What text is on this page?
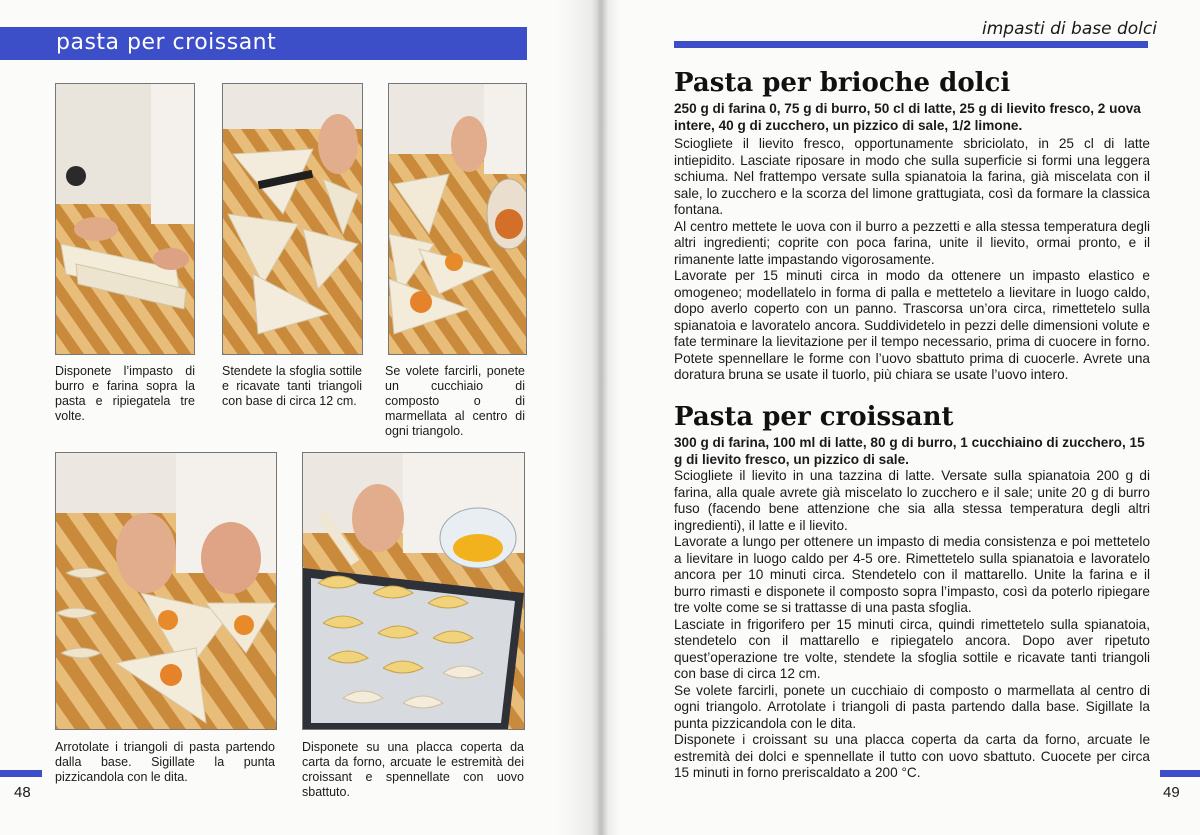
pasta per croissant
Disponete l’impasto di burro e farina sopra la pasta e ripiegatela tre volte.
Stendete la sfoglia sottile e ricavate tanti triangoli con base di circa 12 cm.
Se volete farcirli, ponete un cucchiaio di composto o di marmellata al centro di ogni triangolo.
Arrotolate i triangoli di pasta partendo dalla base. Sigillate la punta pizzicandola con le dita.
Disponete su una placca coperta da carta da forno, arcuate le estremità dei croissant e spennellate con uovo sbattuto.
48
impasti di base dolci
Pasta per brioche dolci
250 g di farina 0, 75 g di burro, 50 cl di latte, 25 g di lievito fresco, 2 uova intere, 40 g di zucchero, un pizzico di sale, 1/2 limone.

Sciogliete il lievito fresco, opportunamente sbriciolato, in 25 cl di latte intiepidito. Lasciate riposare in modo che sulla superficie si formi una leggera schiuma. Nel frattempo versate sulla spianatoia la farina, già miscelata con il sale, lo zucchero e la scorza del limone grattugiata, così da formare la classica fontana.

Al centro mettete le uova con il burro a pezzetti e alla stessa temperatura degli altri ingredienti; coprite con poca farina, unite il lievito, ormai pronto, e il rimanente latte impastando vigorosamente.

Lavorate per 15 minuti circa in modo da ottenere un impasto elastico e omogeneo; modellatelo in forma di palla e mettetelo a lievitare in luogo caldo, dopo averlo coperto con un panno. Trascorsa un’ora circa, rimettetelo sulla spianatoia e lavoratelo ancora. Suddividetelo in pezzi delle dimensioni volute e fate terminare la lievitazione per il tempo necessario, prima di cuocere in forno. Potete spennellare le forme con l’uovo sbattuto prima di cuocerle. Avrete una doratura bruna se usate il tuorlo, più chiara se usate l’uovo intero.

Pasta per croissant
300 g di farina, 100 ml di latte, 80 g di burro, 1 cucchiaino di zucchero, 15 g di lievito fresco, un pizzico di sale.

Sciogliete il lievito in una tazzina di latte. Versate sulla spianatoia 200 g di farina, alla quale avrete già miscelato lo zucchero e il sale; unite 20 g di burro fuso (facendo bene attenzione che sia alla stessa temperatura degli altri ingredienti), il latte e il lievito.

Lavorate a lungo per ottenere un impasto di media consistenza e poi mettetelo a lievitare in luogo caldo per 4-5 ore. Rimettetelo sulla spianatoia e lavoratelo ancora per 10 minuti circa. Stendetelo con il mattarello. Unite la farina e il burro rimasti e disponete il composto sopra l’impasto, così da poterlo ripiegare tre volte come se si trattasse di una pasta sfoglia.

Lasciate in frigorifero per 15 minuti circa, quindi rimettetelo sulla spianatoia, stendetelo con il mattarello e ripiegatelo ancora. Dopo aver ripetuto quest’operazione tre volte, stendete la sfoglia sottile e ricavate tanti triangoli con base di circa 12 cm.

Se volete farcirli, ponete un cucchiaio di composto o marmellata al centro di ogni triangolo. Arrotolate i triangoli di pasta partendo dalla base. Sigillate la punta pizzicandola con le dita.

Disponete i croissant su una placca coperta da carta da forno, arcuate le estremità dei dolci e spennellate il tutto con uovo sbattuto. Cuocete per circa 15 minuti in forno preriscaldato a 200 °C.

49
